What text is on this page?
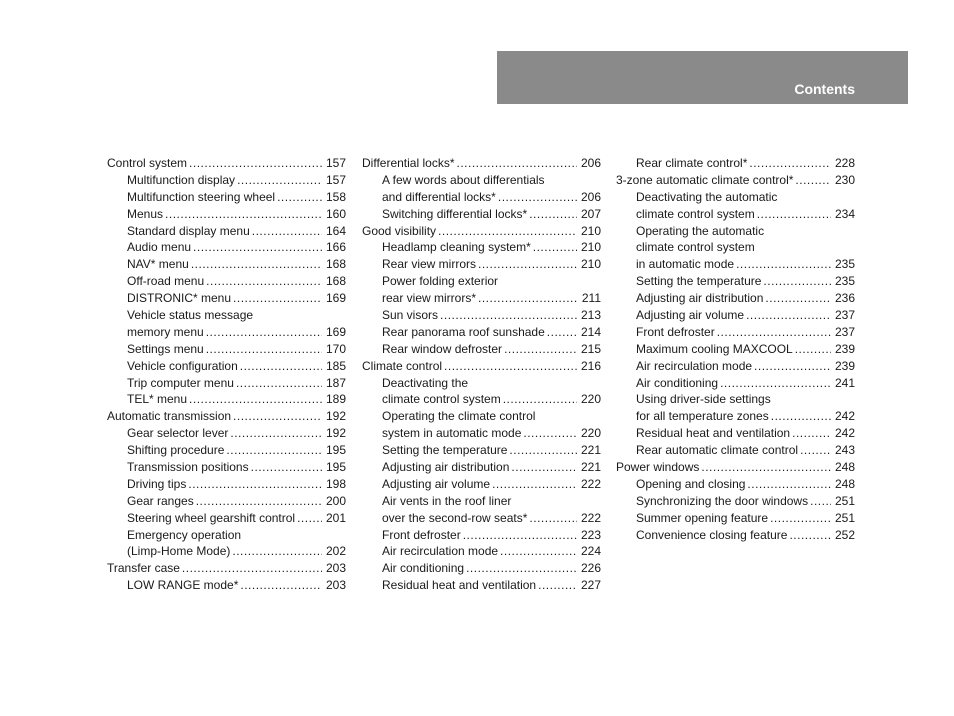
Contents
Control system .....	157
Multifunction display .....	157
Multifunction steering wheel .....	158
Menus .....	160
Standard display menu .....	164
Audio menu .....	166
NAV* menu .....	168
Off-road menu .....	168
DISTRONIC* menu .....	169
Vehicle status message
memory menu .....	169
Settings menu .....	170
Vehicle configuration .....	185
Trip computer menu .....	187
TEL* menu .....	189
Automatic transmission .....	192
Gear selector lever .....	192
Shifting procedure .....	195
Transmission positions .....	195
Driving tips .....	198
Gear ranges .....	200
Steering wheel gearshift control .....	201
Emergency operation
(Limp-Home Mode) .....	202
Transfer case .....	203
LOW RANGE mode* .....	203
Differential locks* .....	206
A few words about differentials
and differential locks* .....	206
Switching differential locks* .....	207
Good visibility .....	210
Headlamp cleaning system* .....	210
Rear view mirrors .....	210
Power folding exterior
rear view mirrors* .....	211
Sun visors .....	213
Rear panorama roof sunshade .....	214
Rear window defroster .....	215
Climate control .....	216
Deactivating the
climate control system .....	220
Operating the climate control
system in automatic mode .....	220
Setting the temperature .....	221
Adjusting air distribution .....	221
Adjusting air volume .....	222
Air vents in the roof liner
over the second-row seats* .....	222
Front defroster .....	223
Air recirculation mode .....	224
Air conditioning .....	226
Residual heat and ventilation .....	227
Rear climate control* .....	228
3-zone automatic climate control* .....	230
Deactivating the automatic
climate control system .....	234
Operating the automatic
climate control system
in automatic mode .....	235
Setting the temperature .....	235
Adjusting air distribution .....	236
Adjusting air volume .....	237
Front defroster .....	237
Maximum cooling MAXCOOL .....	239
Air recirculation mode .....	239
Air conditioning .....	241
Using driver-side settings
for all temperature zones .....	242
Residual heat and ventilation .....	242
Rear automatic climate control .....	243
Power windows .....	248
Opening and closing .....	248
Synchronizing the door windows ..... 251
Summer opening feature .....	251
Convenience closing feature .....	252
